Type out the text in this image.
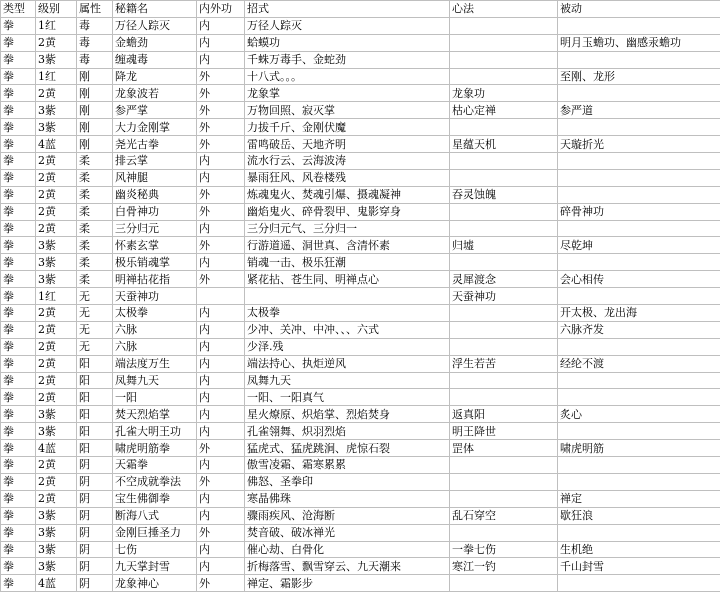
类型	级别	属性	秘籍名	内外功	招式	心法	被动
拳	1红	毒	万径人踪灭	内	万径人踪灭		
拳	2黄	毒	金蟾劲	内	蛤蟆功		明月玉蟾功、幽感汞蟾功
拳	3紫	毒	缠魂毒	内	千蛛万毒手、金蛇劲		
拳	1红	刚	降龙	外	十八式。。。		至刚、龙形
拳	2黄	刚	龙象波若	外	龙象掌	龙象功	
拳	3紫	刚	参严掌	外	万物回照、寂灭掌	枯心定禅	参严道
拳	3紫	刚	大力金刚掌	外	力拔千斤、金刚伏魔		
拳	4蓝	刚	尧光古拳	外	雷鸣破岳、天地齐明	星蕴天机	天璇折光
拳	2黄	柔	排云掌	内	流水行云、云海波涛		
拳	2黄	柔	风神腿	内	暴雨狂风、风卷楼残		
拳	2黄	柔	幽炎秘典	外	炼魂鬼火、焚魂引爆、摄魂凝神	吞灵蚀魄	
拳	2黄	柔	白骨神功	外	幽焰鬼火、碎骨裂甲、鬼影穿身		碎骨神功
拳	2黄	柔	三分归元	内	三分归元气、三分归一		
拳	3紫	柔	怀素玄掌	外	行游道遥、洞世真、含清怀素	归墟	尽乾坤
拳	3紫	柔	极乐销魂掌	内	销魂一击、极乐狂潮		
拳	3紫	柔	明禅拈花指	外	紧花拈、苍生同、明禅点心	灵犀渡念	会心相传
拳	1红	无	天蚕神功			天蚕神功	
拳	2黄	无	太极拳	内	太极拳		开太极、龙出海
拳	2黄	无	六脉	内	少冲、关冲、中冲、、、六式		六脉齐发
拳	2黄	无	六脉	内	少泽.残		
拳	2黄	阳	端法度万生	内	端法持心、执炬逆风	浮生若苦	经纶不渡
拳	2黄	阳	凤舞九天	内	凤舞九天		
拳	2黄	阳	一阳	内	一阳、一阳真气		
拳	3紫	阳	焚天烈焰掌	内	星火燎原、炽焰掌、烈焰焚身	返真阳	炙心
拳	3紫	阳	孔雀大明王功	内	孔雀翎舞、炽羽烈焰	明王降世	
拳	4蓝	阳	啸虎明筋拳	外	猛虎式、猛虎跳涧、虎惊石裂	罡体	啸虎明筋
拳	2黄	阴	天霜拳	内	傲雪凌霜、霜寒累累		
拳	2黄	阴	不空成就拳法	外	佛怒、圣拳印		
拳	2黄	阴	宝生佛御拳	内	寒晶佛珠		禅定
拳	3紫	阴	断海八式	内	骤雨疾风、沧海断	乱石穿空	歇狂浪
拳	3紫	阴	金刚巨捶圣力	外	焚音破、破冰禅光		
拳	3紫	阴	七伤	内	催心劫、白骨化	一拳七伤	生机绝
拳	3紫	阴	九天掌封雪	内	折梅落雪、飘雪穿云、九天潮来	寒江一钓	千山封雪
拳	4蓝	阴	龙象神心	外	禅定、霜影步		
